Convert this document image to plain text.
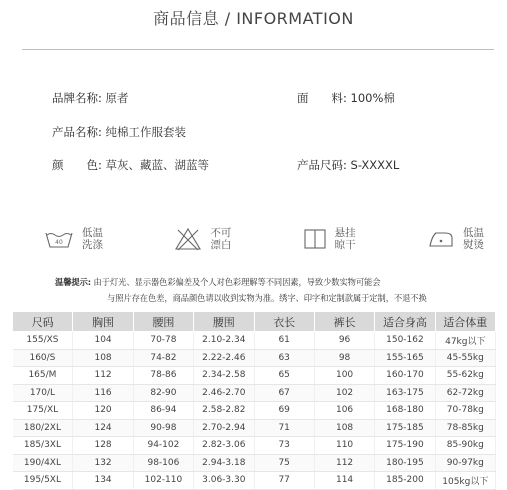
商品信息 / INFORMATION
品牌名称: 原者	面　　料: 100%棉
产品名称: 纯棉工作服套装
颜　　色: 草灰、藏蓝、湖蓝等	产品尺码: S-XXXXL
40
低温
洗涤
不可
漂白
悬挂
晾干
低温
熨烫
温馨提示: 由于灯光、显示器色彩偏差及个人对色彩理解等不同因素，导致少数实物可能会
与照片存在色差，商品颜色请以收到实物为准。绣字、印字和定制款属于定制，不退不换
尺码	胸围	腰围	腰围	衣长	裤长	适合身高	适合体重
155/XS	104	70-78	2.10-2.34	61	96	150-162	47kg以下
160/S	108	74-82	2.22-2.46	63	98	155-165	45-55kg
165/M	112	78-86	2.34-2.58	65	100	160-170	55-62kg
170/L	116	82-90	2.46-2.70	67	102	163-175	62-72kg
175/XL	120	86-94	2.58-2.82	69	106	168-180	70-78kg
180/2XL	124	90-98	2.70-2.94	71	108	175-185	78-85kg
185/3XL	128	94-102	2.82-3.06	73	110	175-190	85-90kg
190/4XL	132	98-106	2.94-3.18	75	112	180-195	90-97kg
195/5XL	134	102-110	3.06-3.30	77	114	185-200	105kg以下
